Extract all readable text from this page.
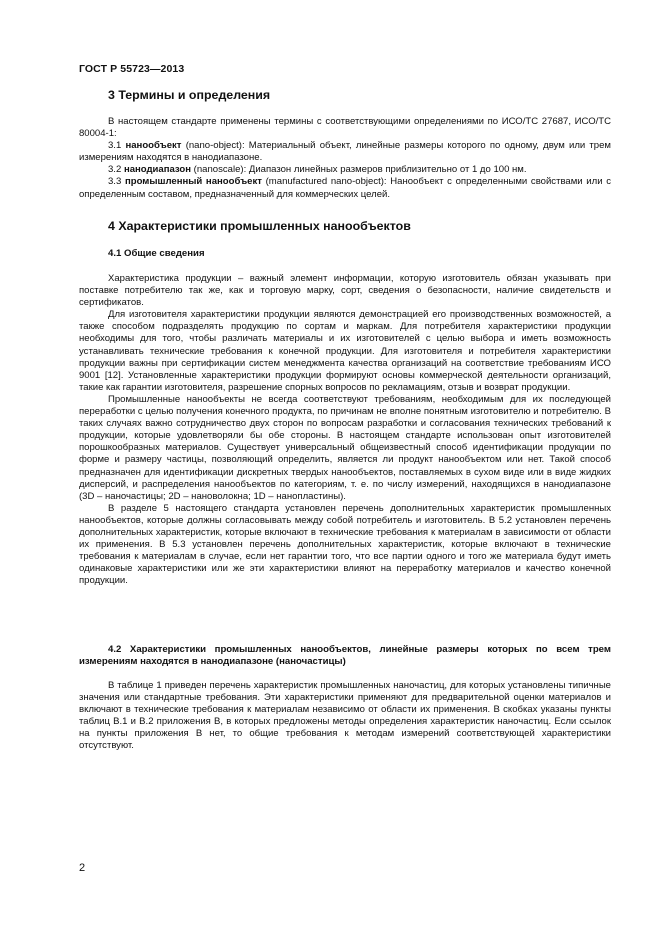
ГОСТ Р 55723—2013
3 Термины и определения

В настоящем стандарте применены термины с соответствующими определениями по ИСО/ТС 27687, ИСО/ТС 80004-1:

3.1 нанообъект (nano-object): Материальный объект, линейные размеры которого по одному, двум или трем измерениям находятся в нанодиапазоне.

3.2 нанодиапазон (nanoscale): Диапазон линейных размеров приблизительно от 1 до 100 нм.

3.3 промышленный нанообъект (manufactured nano-object): Нанообъект с определенными свойствами или с определенным составом, предназначенный для коммерческих целей.

4 Характеристики промышленных нанообъектов
4.1 Общие сведения

Характеристика продукции – важный элемент информации, которую изготовитель обязан указывать при поставке потребителю так же, как и торговую марку, сорт, сведения о безопасности, наличие свидетельств и сертификатов.

Для изготовителя характеристики продукции являются демонстрацией его производственных возможностей, а также способом подразделять продукцию по сортам и маркам. Для потребителя характеристики продукции необходимы для того, чтобы различать материалы и их изготовителей с целью выбора и иметь возможность устанавливать технические требования к конечной продукции. Для изготовителя и потребителя характеристики продукции важны при сертификации систем менеджмента качества организаций на соответствие требованиям ИСО 9001 [12]. Установленные характеристики продукции формируют основы коммерческой деятельности организаций, такие как гарантии изготовителя, разрешение спорных вопросов по рекламациям, отзыв и возврат продукции.

Промышленные нанообъекты не всегда соответствуют требованиям, необходимым для их последующей переработки с целью получения конечного продукта, по причинам не вполне понятным изготовителю и потребителю. В таких случаях важно сотрудничество двух сторон по вопросам разработки и согласования технических требований к продукции, которые удовлетворяли бы обе стороны. В настоящем стандарте использован опыт изготовителей порошкообразных материалов. Существует универсальный общеизвестный способ идентификации продукции по форме и размеру частицы, позволяющий определить, является ли продукт нанообъектом или нет. Такой способ предназначен для идентификации дискретных твердых нанообъектов, поставляемых в сухом виде или в виде жидких дисперсий, и распределения нанообъектов по категориям, т. е. по числу измерений, находящихся в нанодиапазоне (3D – наночастицы; 2D – нановолокна; 1D – нанопластины).

В разделе 5 настоящего стандарта установлен перечень дополнительных характеристик промышленных нанообъектов, которые должны согласовывать между собой потребитель и изготовитель. В 5.2 установлен перечень дополнительных характеристик, которые включают в технические требования к материалам в зависимости от области их применения. В 5.3 установлен перечень дополнительных характеристик, которые включают в технические требования к материалам в случае, если нет гарантии того, что все партии одного и того же материала будут иметь одинаковые характеристики или же эти характеристики влияют на переработку материалов и качество конечной продукции.

4.2 Характеристики промышленных нанообъектов, линейные размеры которых по всем трем измерениям находятся в нанодиапазоне (наночастицы)

В таблице 1 приведен перечень характеристик промышленных наночастиц, для которых установлены типичные значения или стандартные требования. Эти характеристики применяют для предварительной оценки материалов и включают в технические требования к материалам независимо от области их применения. В скобках указаны пункты таблиц В.1 и В.2 приложения В, в которых предложены методы определения характеристик наночастиц. Если ссылок на пункты приложения В нет, то общие требования к методам измерений соответствующей характеристики отсутствуют.

2
